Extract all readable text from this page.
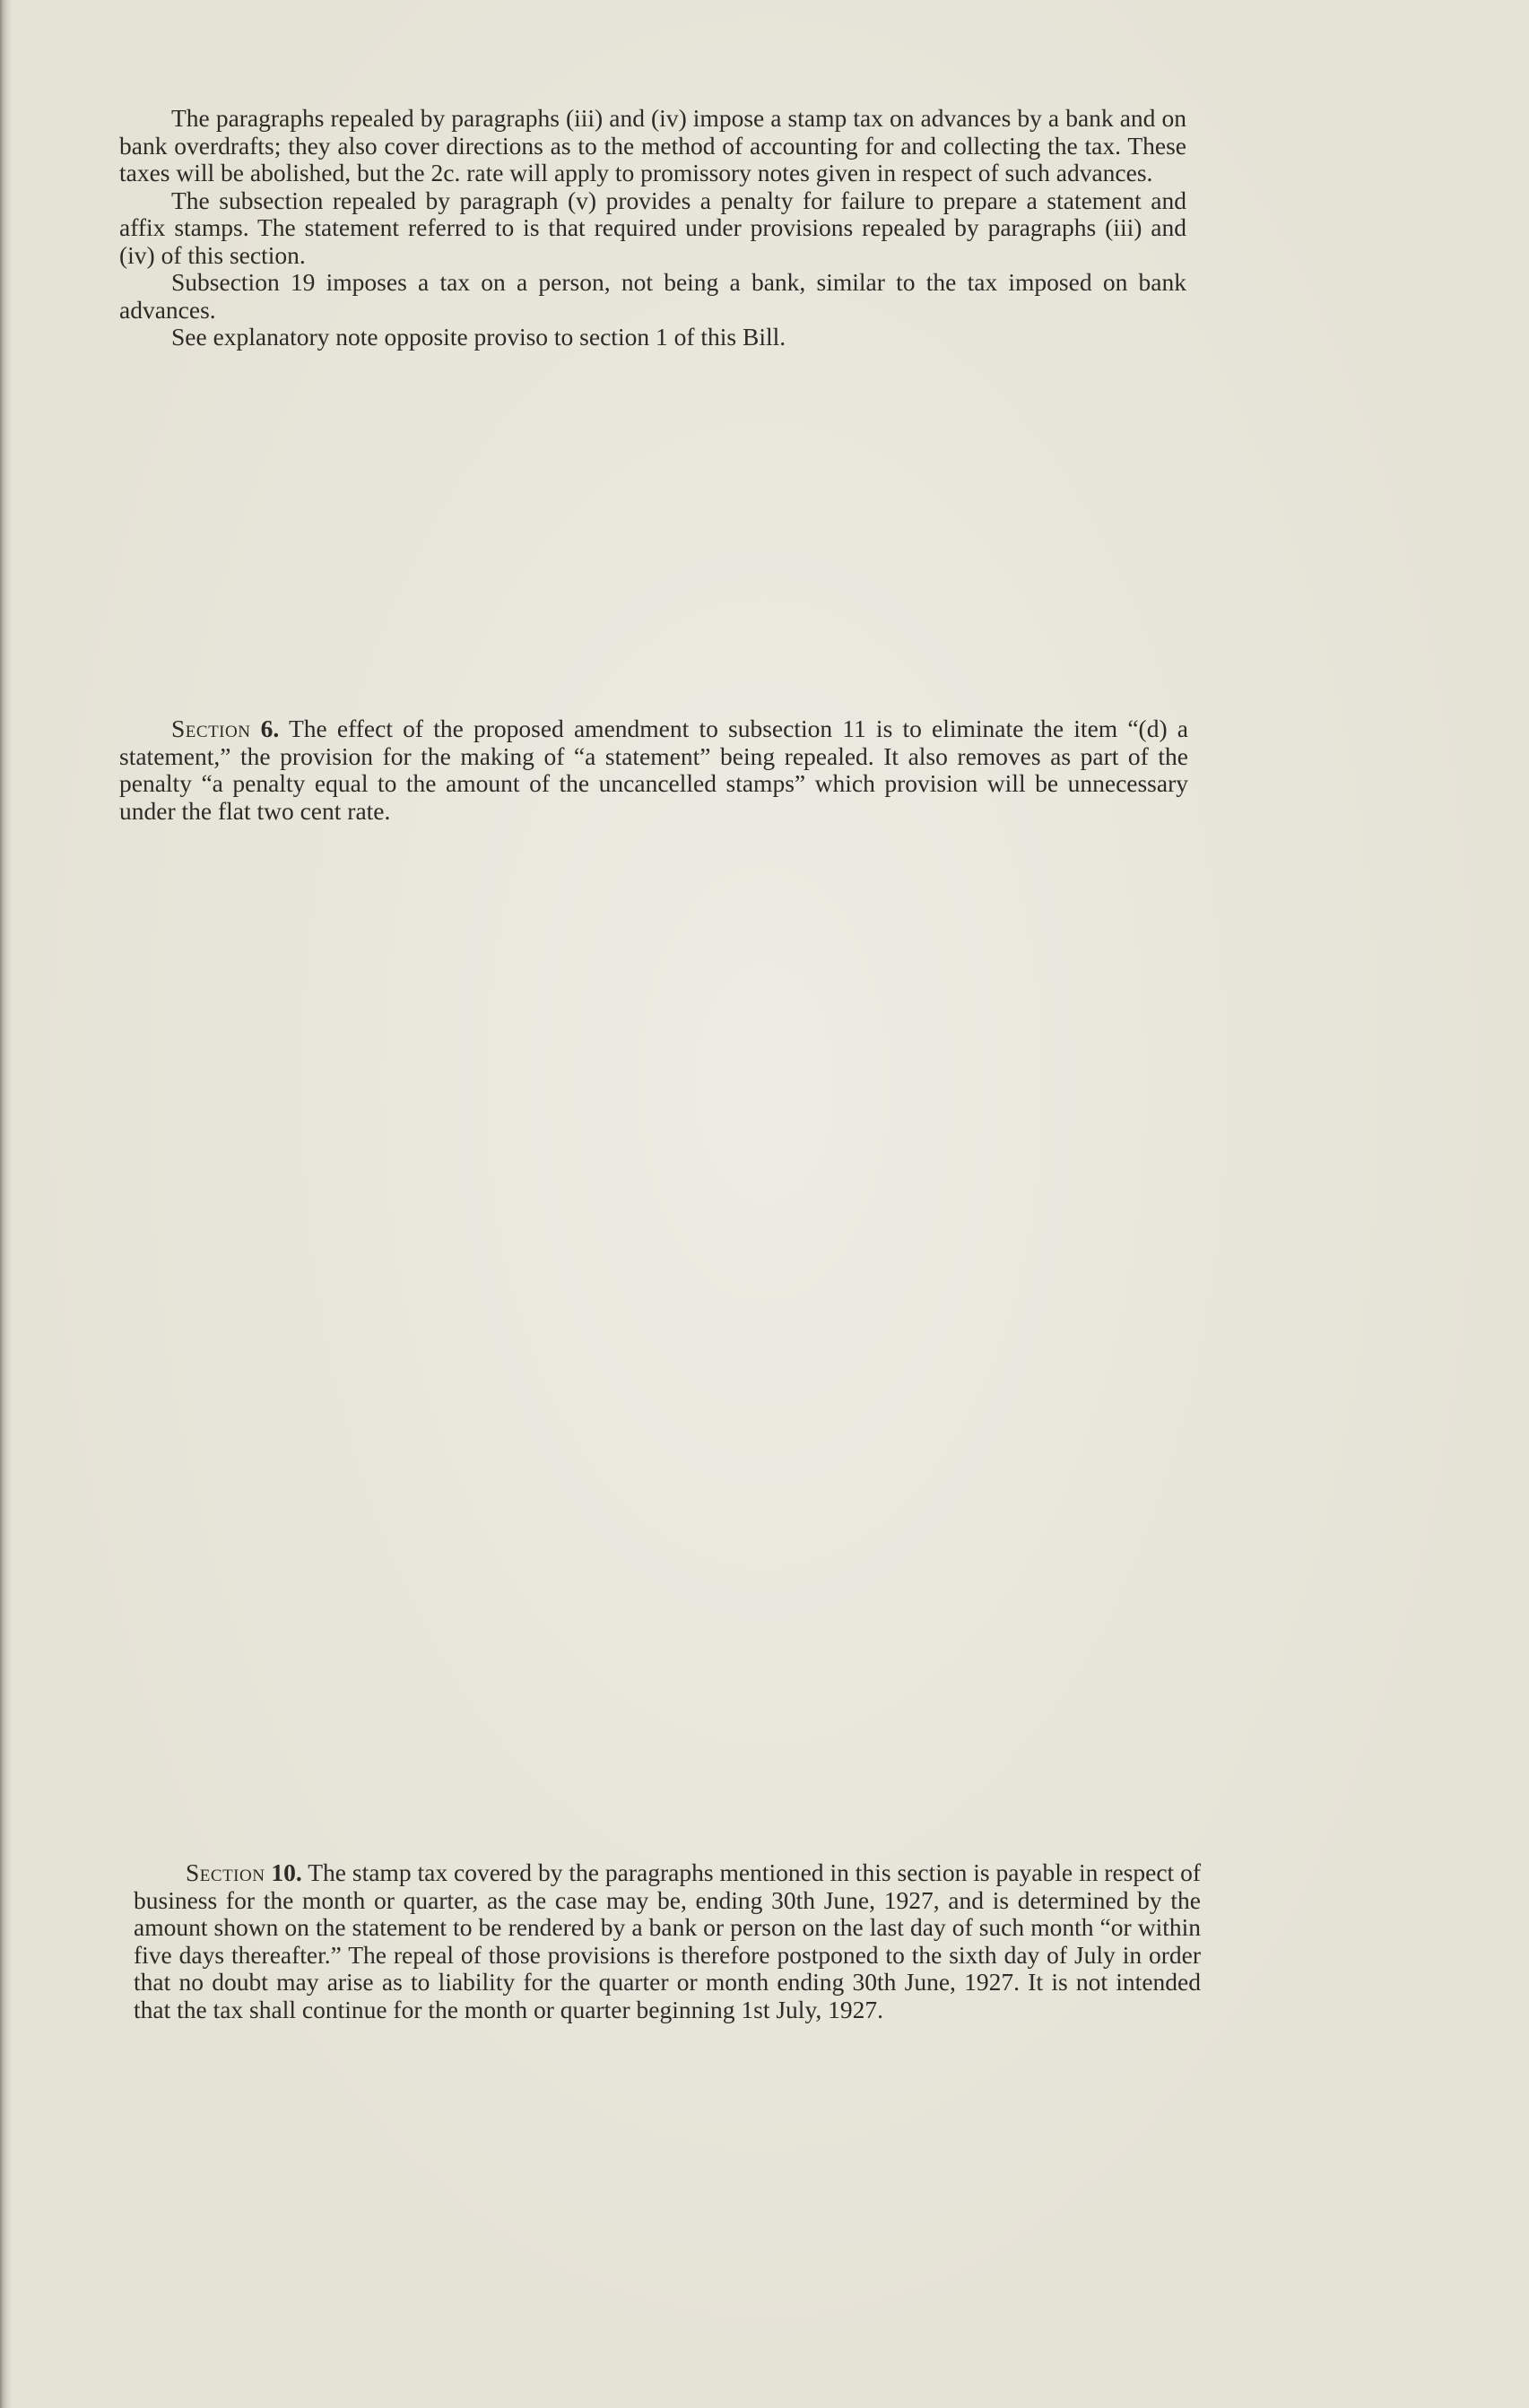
The paragraphs repealed by paragraphs (iii) and (iv) impose a stamp tax on advances by a bank and on bank overdrafts; they also cover directions as to the method of accounting for and collecting the tax. These taxes will be abolished, but the 2c. rate will apply to promissory notes given in respect of such advances.

The subsection repealed by paragraph (v) provides a penalty for failure to prepare a statement and affix stamps. The statement referred to is that required under provisions repealed by paragraphs (iii) and (iv) of this section.

Subsection 19 imposes a tax on a person, not being a bank, similar to the tax imposed on bank advances.

See explanatory note opposite proviso to section 1 of this Bill.

Section 6. The effect of the proposed amendment to subsection 11 is to eliminate the item “(d) a statement,” the provision for the making of “a statement” being repealed. It also removes as part of the penalty “a penalty equal to the amount of the uncancelled stamps” which provision will be unnecessary under the flat two cent rate.

Section 10. The stamp tax covered by the paragraphs mentioned in this section is payable in respect of business for the month or quarter, as the case may be, ending 30th June, 1927, and is determined by the amount shown on the statement to be rendered by a bank or person on the last day of such month “or within five days thereafter.” The repeal of those provisions is therefore postponed to the sixth day of July in order that no doubt may arise as to liability for the quarter or month ending 30th June, 1927. It is not intended that the tax shall continue for the month or quarter beginning 1st July, 1927.
